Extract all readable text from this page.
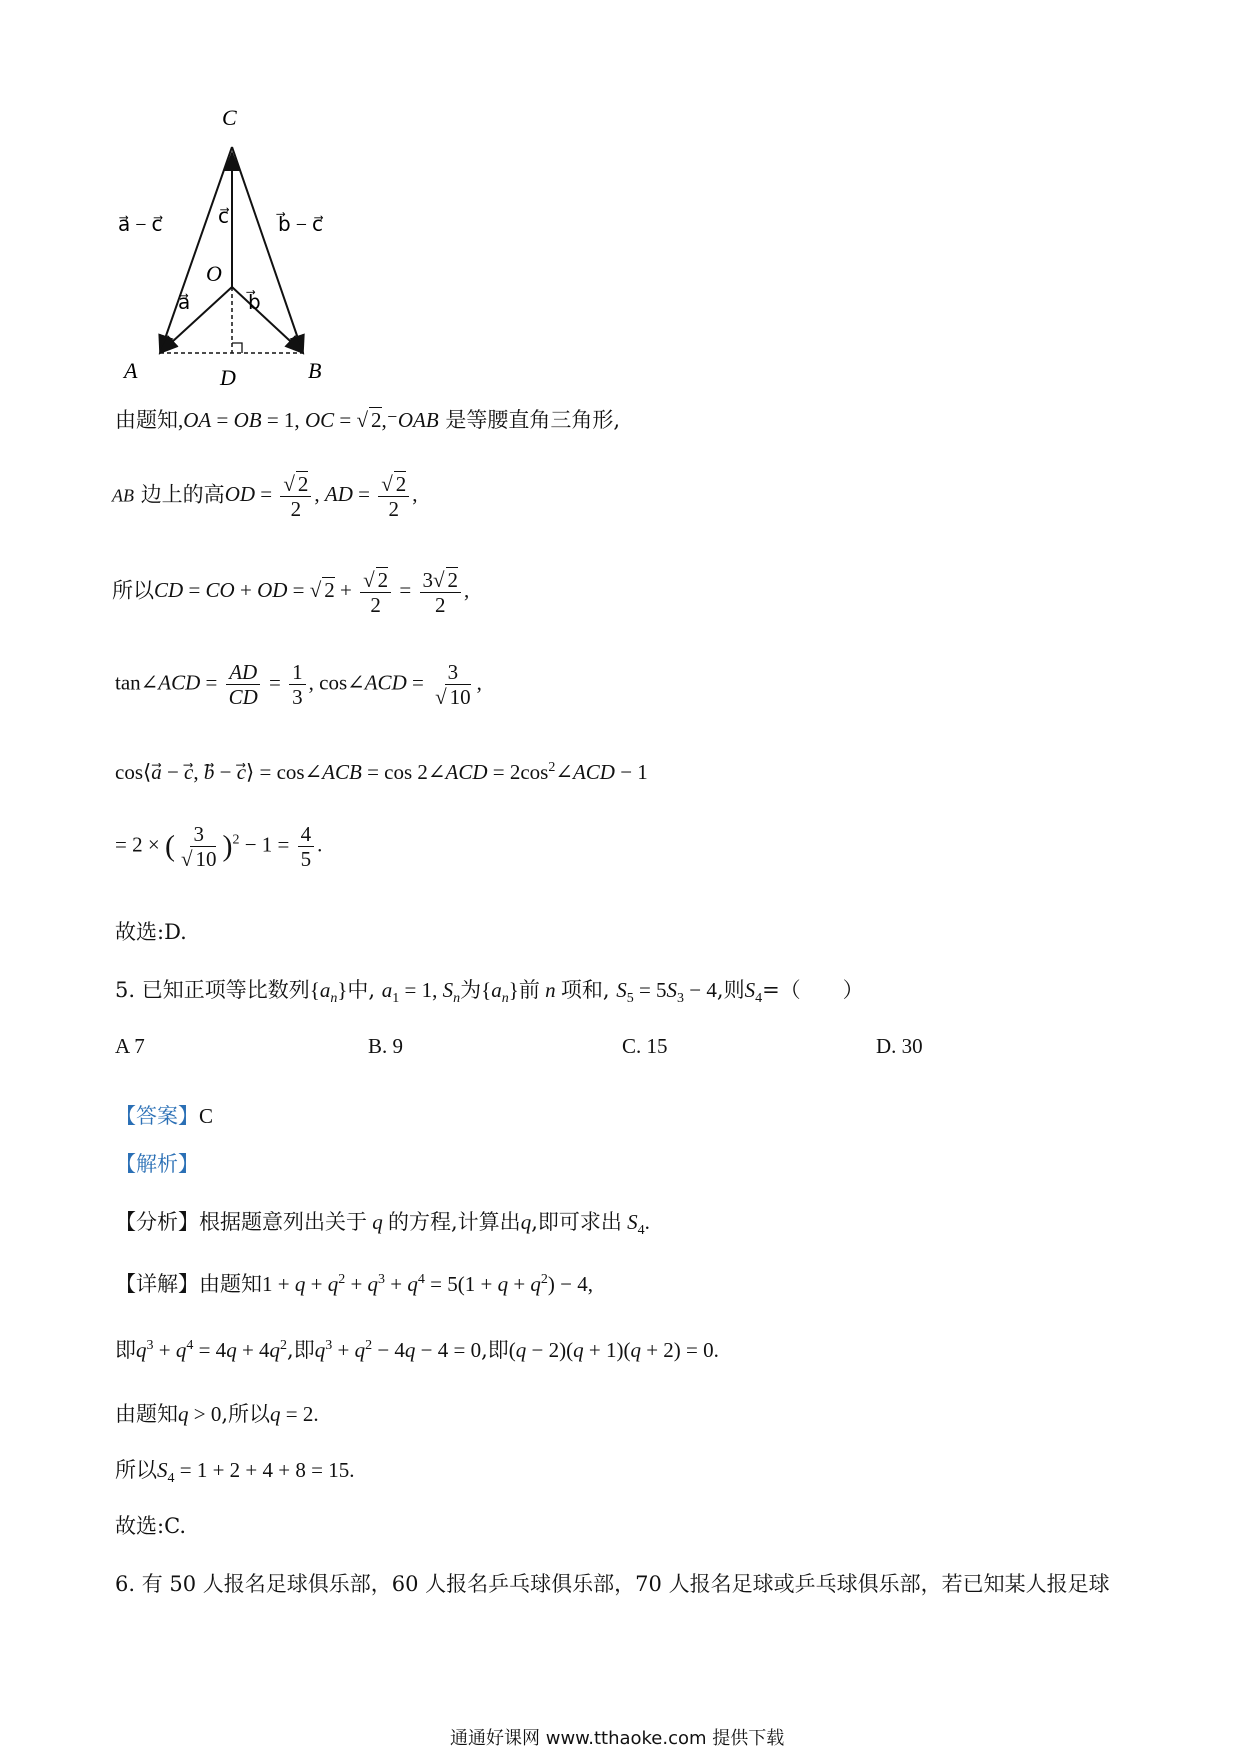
C
O
A	B
D
c⃗
a⃗	b⃗
a⃗ − c⃗	b⃗ − c⃗
由题知,OA = OB = 1, OC = √ 2,⁻OAB 是等腰直角三角形,
AB 边上的高OD = $\frac{√ 2}{2}$ , AD = $\frac{√ 2}{2}$ ,
所以CD = CO + OD = √ $2 + \frac{√ 2}{2} = \frac{3√ 2}{2}$ ,
tan∠ACD = $\frac{AD}{CD} = \frac{1}{3}$ , cos∠ACD = $\frac{3}{√ 10}$ ,
cos⟨a⃗ − c⃗, b⃗ − c⃗⟩ = cos∠ACB = cos 2∠ACD = $2\cos^2\angle ACD - 1$
= 2 × ( $\frac{3}{√ 10} )^2 - 1 = \frac{4}{5}$ .
故选:D.
5. 已知正项等比数列$\{a_n\}$中, $a_1 = 1$, $S_n$为$\{a_n\}$前 n 项和, $S_5 = 5S_3 - 4$,则$S_4=$（　　）
A 7	B. 9	C. 15	D. 30
【答案】C
【解析】
【分析】根据题意列出关于 q 的方程,计算出q,即可求出 $S_4$.
【详解】由题知$1 + q + q^2 + q^3 + q^4 = 5(1 + q + q^2) - 4$,
即$q^3 + q^4 = 4q + 4q^2$,即$q^3 + q^2 - 4q - 4 = 0$,即(q − 2)(q + 1)(q + 2) = 0.
由题知q > 0,所以q = 2.
所以$S_4 = 1 + 2 + 4 + 8 = 15$.
故选:C.
6. 有 50 人报名足球俱乐部，60 人报名乒乓球俱乐部，70 人报名足球或乒乓球俱乐部，若已知某人报足球
通通好课网 www.tthaoke.com 提供下载
